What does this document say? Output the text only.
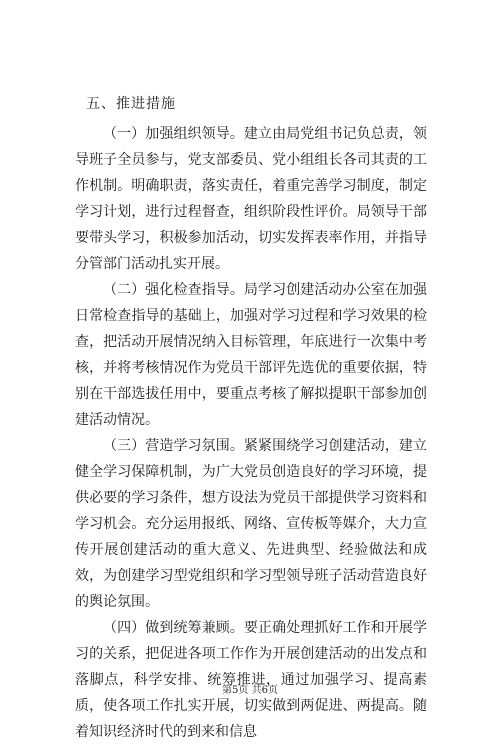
五、推进措施

（一）加强组织领导。建立由局党组书记负总责，领导班子全员参与，党支部委员、党小组组长各司其责的工作机制。明确职责，落实责任，着重完善学习制度，制定学习计划，进行过程督查，组织阶段性评价。局领导干部要带头学习，积极参加活动，切实发挥表率作用，并指导分管部门活动扎实开展。

（二）强化检查指导。局学习创建活动办公室在加强日常检查指导的基础上，加强对学习过程和学习效果的检查，把活动开展情况纳入目标管理，年底进行一次集中考核，并将考核情况作为党员干部评先选优的重要依据，特别在干部选拔任用中，要重点考核了解拟提职干部参加创建活动情况。

（三）营造学习氛围。紧紧围绕学习创建活动，建立健全学习保障机制，为广大党员创造良好的学习环境，提供必要的学习条件，想方设法为党员干部提供学习资料和学习机会。充分运用报纸、网络、宣传板等媒介，大力宣传开展创建活动的重大意义、先进典型、经验做法和成效，为创建学习型党组织和学习型领导班子活动营造良好的舆论氛围。

（四）做到统筹兼顾。要正确处理抓好工作和开展学习的关系，把促进各项工作作为开展创建活动的出发点和落脚点，科学安排、统筹推进，通过加强学习、提高素质，使各项工作扎实开展，切实做到两促进、两提高。随着知识经济时代的到来和信息

第5页 共6页
